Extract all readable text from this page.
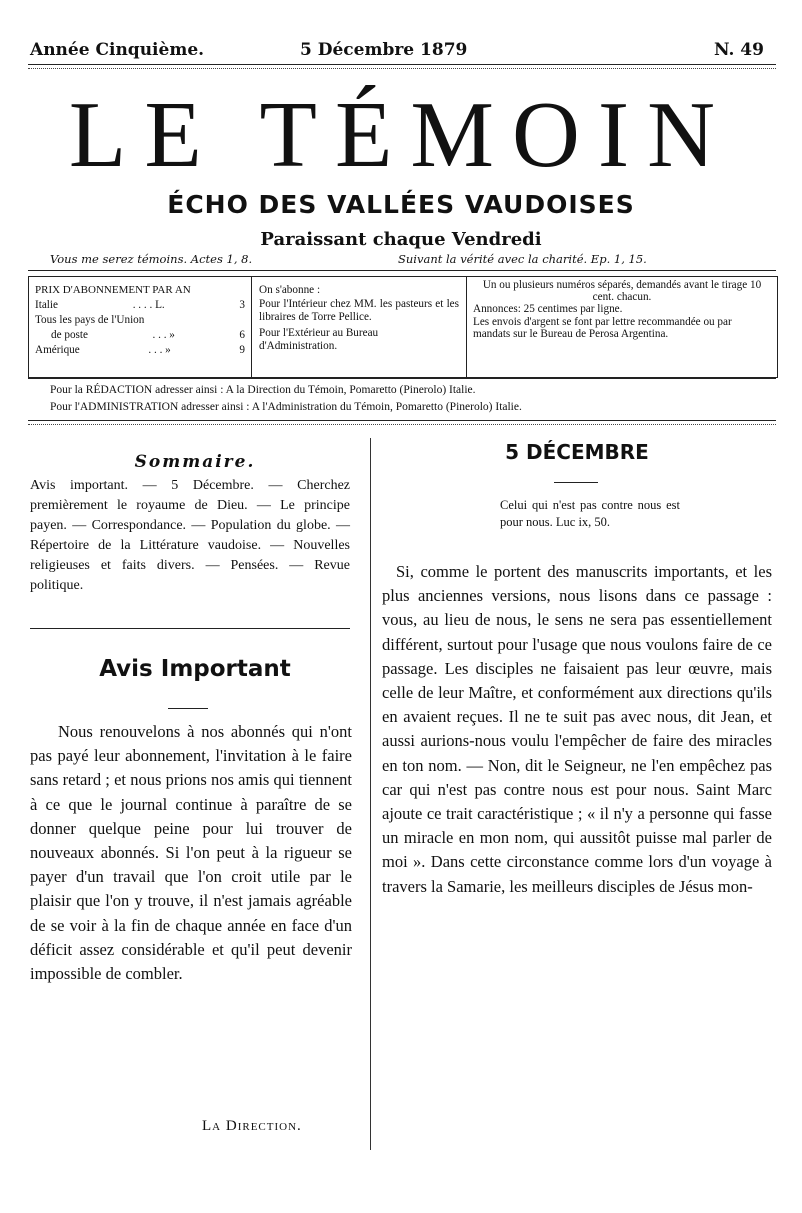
Année Cinquième.	5 Décembre 1879	N. 49
LE TÉMOIN
ÉCHO DES VALLÉES VAUDOISES
Paraissant chaque Vendredi
Vous me serez témoins. Actes 1, 8.	Suivant la vérité avec la charité. Ep. 1, 15.
PRIX D'ABONNEMENT PAR AN
Italie	. . . . L.	3
Tous les pays de l'Union
de poste	. . . »	6
Amérique	. . . »	9
On s'abonne :
Pour l'Intérieur chez MM. les pasteurs et les libraires de Torre Pellice.
Pour l'Extérieur au Bureau d'Administration.
Un ou plusieurs numéros séparés, demandés avant le tirage 10 cent. chacun.
Annonces: 25 centimes par ligne.
Les envois d'argent se font par lettre recommandée ou par mandats sur le Bureau de Perosa Argentina.
Pour la RÉDACTION adresser ainsi : A la Direction du Témoin, Pomaretto (Pinerolo) Italie.
Pour l'ADMINISTRATION adresser ainsi : A l'Administration du Témoin, Pomaretto (Pinerolo) Italie.
Sommaire.
Avis important. — 5 Décembre. — Cherchez premièrement le royaume de Dieu. — Le principe payen. — Correspondance. — Population du globe. — Répertoire de la Littérature vaudoise. — Nouvelles religieuses et faits divers. — Pensées. — Revue politique.
Avis Important
Nous renouvelons à nos abonnés qui n'ont pas payé leur abonnement, l'invitation à le faire sans retard ; et nous prions nos amis qui tiennent à ce que le journal continue à paraître de se donner quelque peine pour lui trouver de nouveaux abonnés. Si l'on peut à la rigueur se payer d'un travail que l'on croit utile par le plaisir que l'on y trouve, il n'est jamais agréable de se voir à la fin de chaque année en face d'un déficit assez considérable et qu'il peut devenir impossible de combler.
La Direction.
5 DÉCEMBRE
Celui qui n'est pas contre nous est pour nous. Luc ix, 50.
Si, comme le portent des manuscrits importants, et les plus anciennes versions, nous lisons dans ce passage : vous, au lieu de nous, le sens ne sera pas essentiellement différent, surtout pour l'usage que nous voulons faire de ce passage. Les disciples ne faisaient pas leur œuvre, mais celle de leur Maître, et conformément aux directions qu'ils en avaient reçues. Il ne te suit pas avec nous, dit Jean, et aussi aurions-nous voulu l'empêcher de faire des miracles en ton nom. — Non, dit le Seigneur, ne l'en empêchez pas car qui n'est pas contre nous est pour nous. Saint Marc ajoute ce trait caractéristique ; « il n'y a personne qui fasse un miracle en mon nom, qui aussitôt puisse mal parler de moi ». Dans cette circonstance comme lors d'un voyage à travers la Samarie, les meilleurs disciples de Jésus mon-
